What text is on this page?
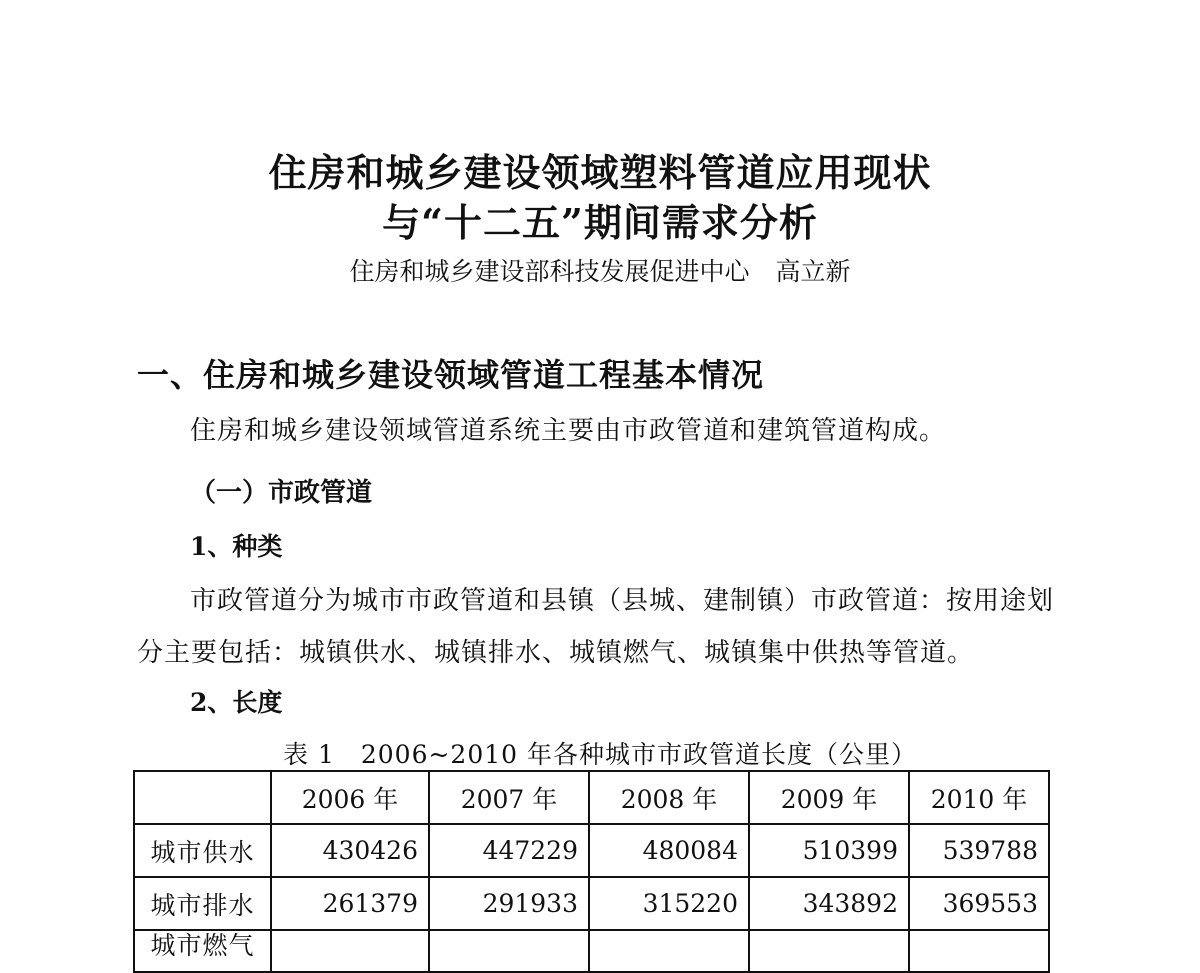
住房和城乡建设领域塑料管道应用现状
与“十二五”期间需求分析
住房和城乡建设部科技发展促进中心 高立新
一、住房和城乡建设领域管道工程基本情况
住房和城乡建设领域管道系统主要由市政管道和建筑管道构成。
（一）市政管道
1、种类
市政管道分为城市市政管道和县镇（县城、建制镇）市政管道：按用途划
分主要包括：城镇供水、城镇排水、城镇燃气、城镇集中供热等管道。
2、长度
表 1　2006~2010 年各种城市市政管道长度（公里）
	2006 年	2007 年	2008 年	2009 年	2010 年
城市供水	430426	447229	480084	510399	539788
城市排水	261379	291933	315220	343892	369553
城市燃气					
